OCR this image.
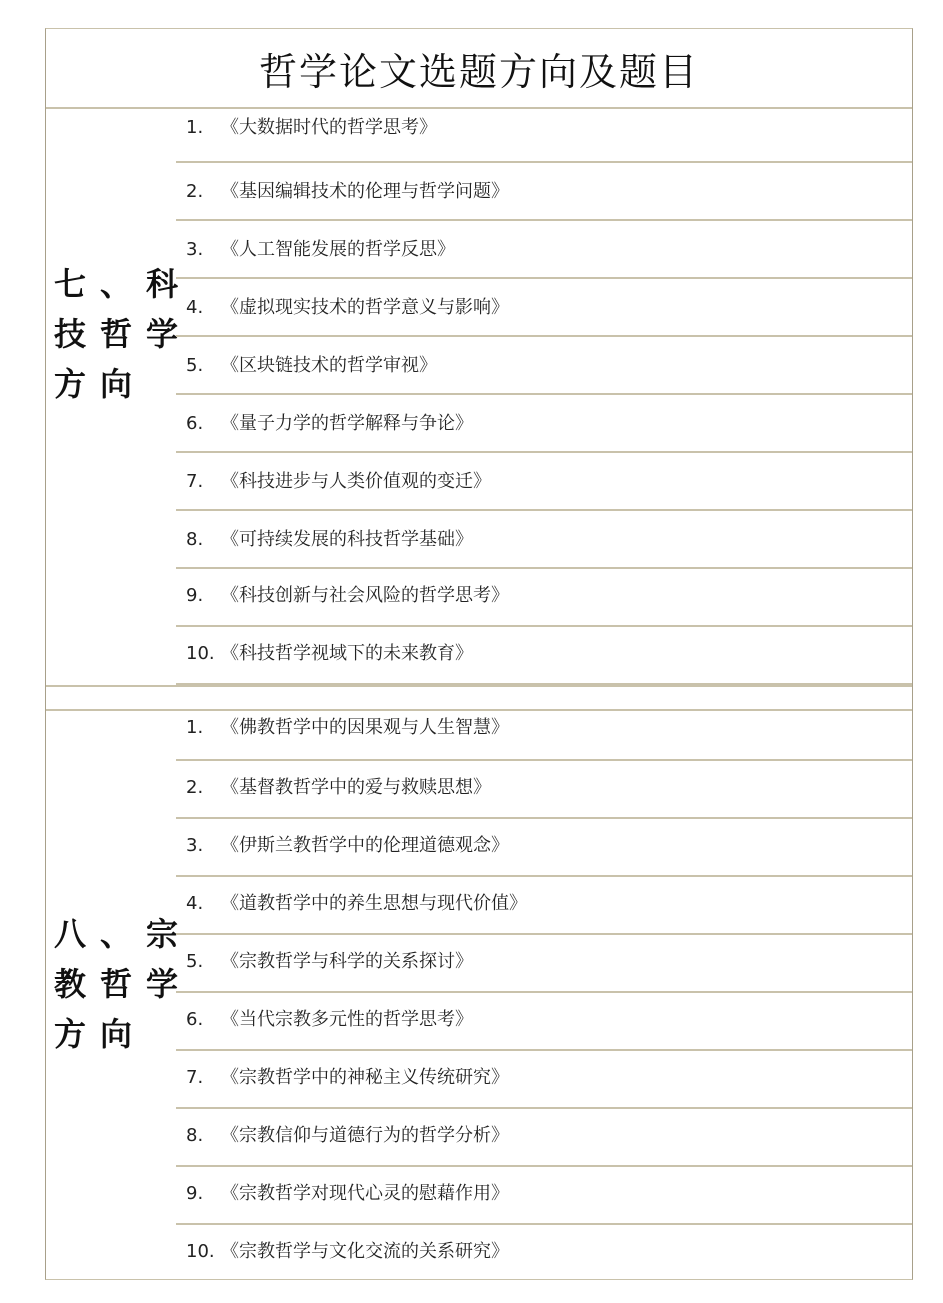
哲学论文选题方向及题目
七、科
技哲学
方向
1. 《大数据时代的哲学思考》
2. 《基因编辑技术的伦理与哲学问题》
3. 《人工智能发展的哲学反思》
4. 《虚拟现实技术的哲学意义与影响》
5. 《区块链技术的哲学审视》
6. 《量子力学的哲学解释与争论》
7. 《科技进步与人类价值观的变迁》
8. 《可持续发展的科技哲学基础》
9. 《科技创新与社会风险的哲学思考》
10. 《科技哲学视域下的未来教育》
八、宗
教哲学
方向
1. 《佛教哲学中的因果观与人生智慧》
2. 《基督教哲学中的爱与救赎思想》
3. 《伊斯兰教哲学中的伦理道德观念》
4. 《道教哲学中的养生思想与现代价值》
5. 《宗教哲学与科学的关系探讨》
6. 《当代宗教多元性的哲学思考》
7. 《宗教哲学中的神秘主义传统研究》
8. 《宗教信仰与道德行为的哲学分析》
9. 《宗教哲学对现代心灵的慰藉作用》
10. 《宗教哲学与文化交流的关系研究》
